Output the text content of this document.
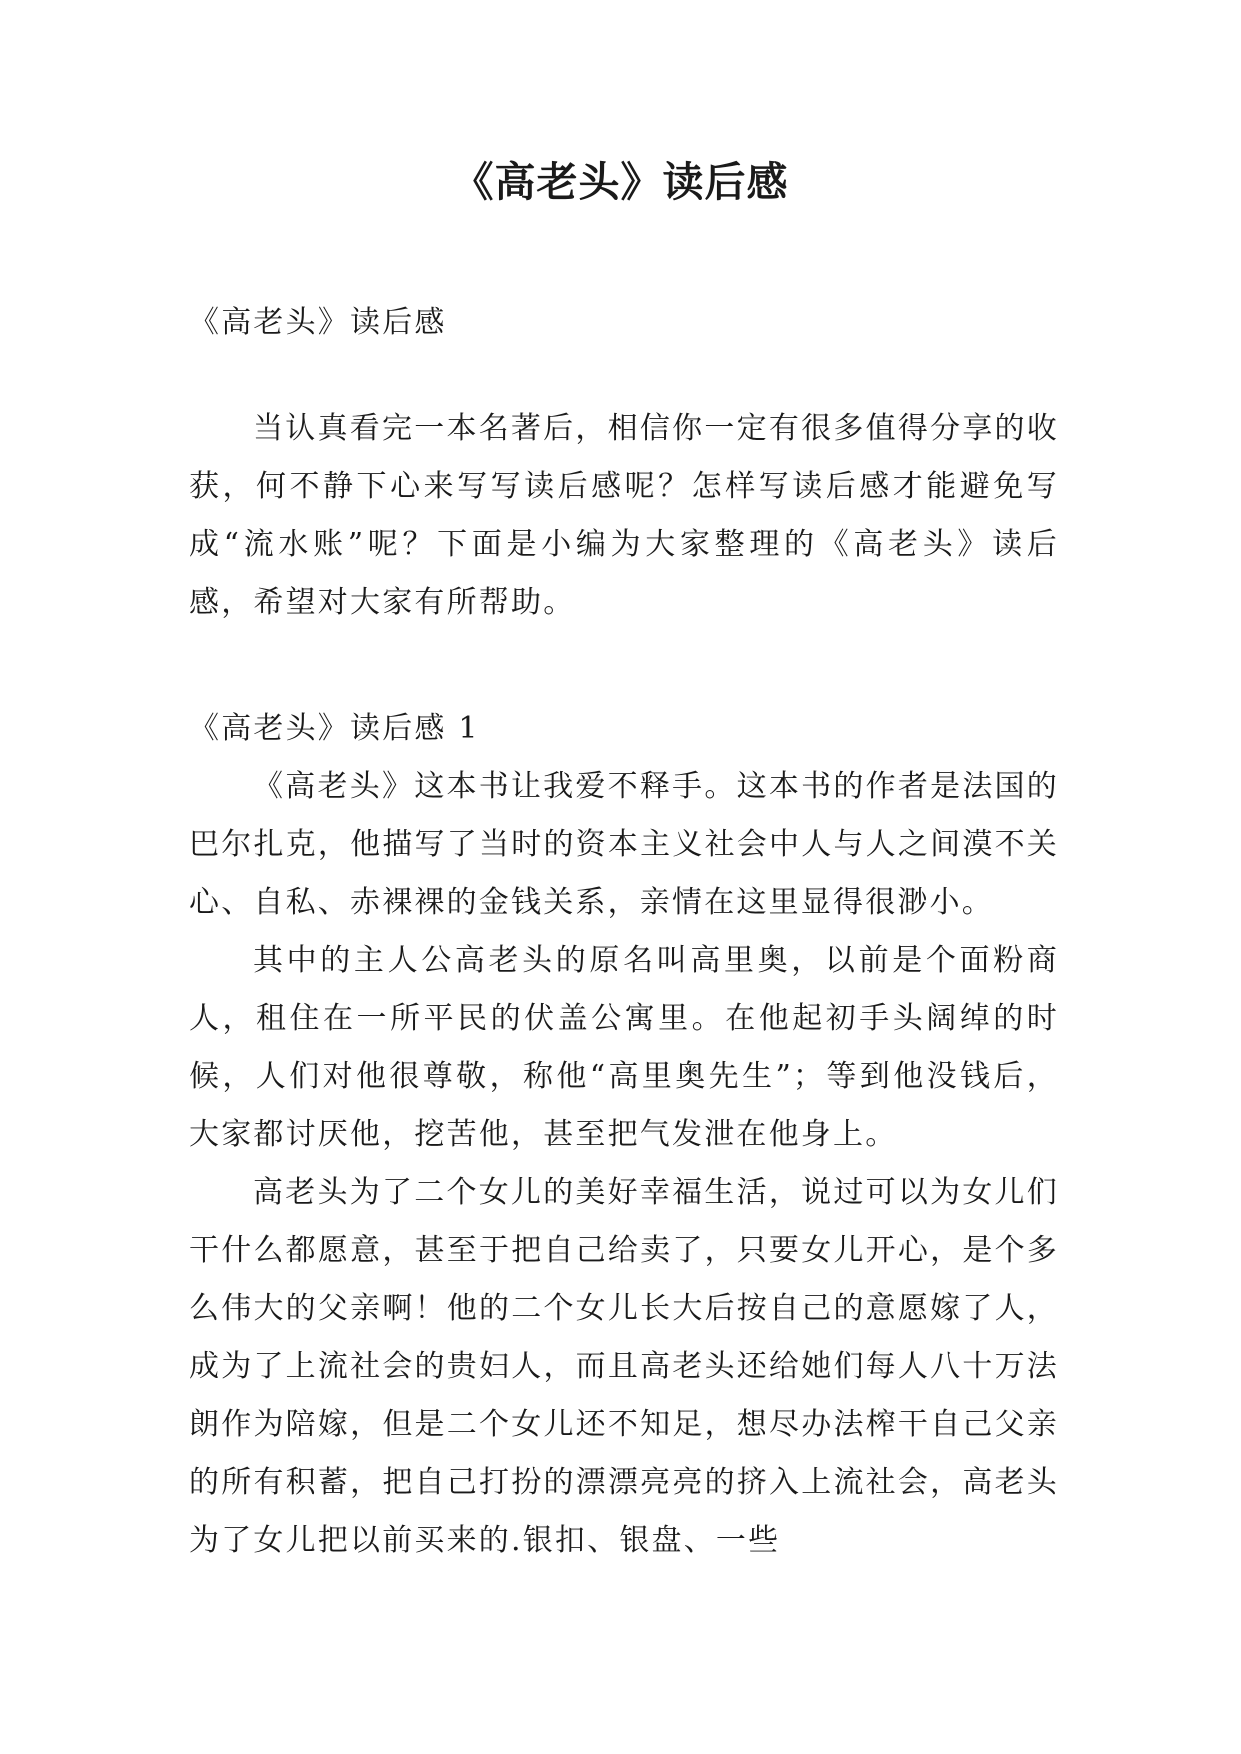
《高老头》读后感

《高老头》读后感

当认真看完一本名著后，相信你一定有很多值得分享的收获，何不静下心来写写读后感呢？怎样写读后感才能避免写成“流水账”呢？下面是小编为大家整理的《高老头》读后感，希望对大家有所帮助。

《高老头》读后感 1

《高老头》这本书让我爱不释手。这本书的作者是法国的巴尔扎克，他描写了当时的资本主义社会中人与人之间漠不关心、自私、赤裸裸的金钱关系，亲情在这里显得很渺小。

其中的主人公高老头的原名叫高里奥，以前是个面粉商人，租住在一所平民的伏盖公寓里。在他起初手头阔绰的时候，人们对他很尊敬，称他“高里奥先生”；等到他没钱后，大家都讨厌他，挖苦他，甚至把气发泄在他身上。

高老头为了二个女儿的美好幸福生活，说过可以为女儿们干什么都愿意，甚至于把自己给卖了，只要女儿开心，是个多么伟大的父亲啊！他的二个女儿长大后按自己的意愿嫁了人，成为了上流社会的贵妇人，而且高老头还给她们每人八十万法朗作为陪嫁，但是二个女儿还不知足，想尽办法榨干自己父亲的所有积蓄，把自己打扮的漂漂亮亮的挤入上流社会，高老头为了女儿把以前买来的.银扣、银盘、一些
